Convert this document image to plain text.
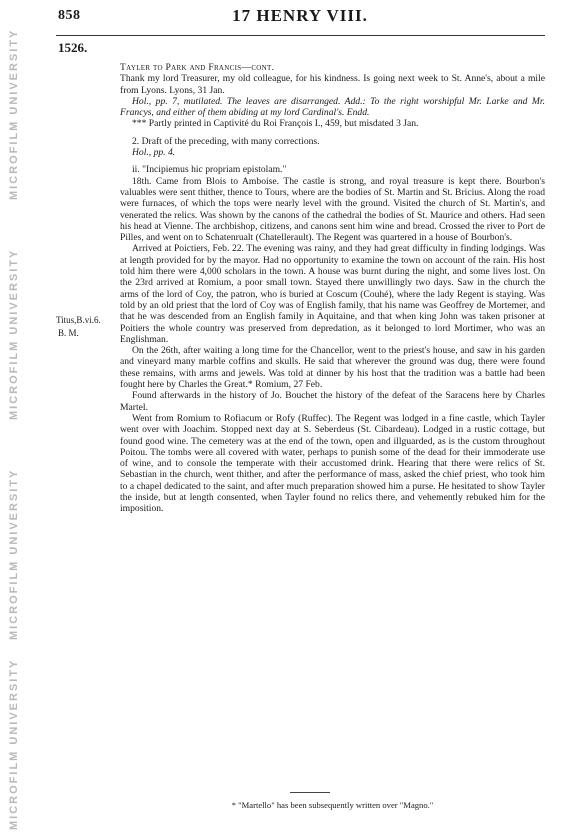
MICROFILM UNIVERSITY
MICROFILM UNIVERSITY
MICROFILM UNIVERSITY
MICROFILM UNIVERSITY
858	17 HENRY VIII.
1526.
Titus,B.vi.6.
B. M.

Tayler to Park and Francis—cont.

Thank my lord Treasurer, my old colleague, for his kindness. Is going next week to St. Anne's, about a mile from Lyons. Lyons, 31 Jan.

Hol., pp. 7, mutilated. The leaves are disarranged. Add.: To the right worshipful Mr. Larke and Mr. Francys, and either of them abiding at my lord Cardinal's. Endd.

*** Partly printed in Captivité du Roi François I., 459, but misdated 3 Jan.

2. Draft of the preceding, with many corrections.

Hol., pp. 4.

ii. "Incipiemus hic propriam epistolam."

18th. Came from Blois to Amboise. The castle is strong, and royal treasure is kept there. Bourbon's valuables were sent thither, thence to Tours, where are the bodies of St. Martin and St. Bricius. Along the road were furnaces, of which the tops were nearly level with the ground. Visited the church of St. Martin's, and venerated the relics. Was shown by the canons of the cathedral the bodies of St. Maurice and others. Had seen his head at Vienne. The archbishop, citizens, and canons sent him wine and bread. Crossed the river to Port de Pilles, and went on to Schatenrualt (Chatellerault). The Regent was quartered in a house of Bourbon's.

Arrived at Poictiers, Feb. 22. The evening was rainy, and they had great difficulty in finding lodgings. Was at length provided for by the mayor. Had no opportunity to examine the town on account of the rain. His host told him there were 4,000 scholars in the town. A house was burnt during the night, and some lives lost. On the 23rd arrived at Romium, a poor small town. Stayed there unwillingly two days. Saw in the church the arms of the lord of Coy, the patron, who is buried at Coscum (Couhé), where the lady Regent is staying. Was told by an old priest that the lord of Coy was of English family, that his name was Geoffrey de Mortemer, and that he was descended from an English family in Aquitaine, and that when king John was taken prisoner at Poitiers the whole country was preserved from depredation, as it belonged to lord Mortimer, who was an Englishman.

On the 26th, after waiting a long time for the Chancellor, went to the priest's house, and saw in his garden and vineyard many marble coffins and skulls. He said that wherever the ground was dug, there were found these remains, with arms and jewels. Was told at dinner by his host that the tradition was a battle had been fought here by Charles the Great.* Romium, 27 Feb.

Found afterwards in the history of Jo. Bouchet the history of the defeat of the Saracens here by Charles Martel.

Went from Romium to Rofiacum or Rofy (Ruffec). The Regent was lodged in a fine castle, which Tayler went over with Joachim. Stopped next day at S. Seberdeus (St. Cibardeau). Lodged in a rustic cottage, but found good wine. The cemetery was at the end of the town, open and illguarded, as is the custom throughout Poitou. The tombs were all covered with water, perhaps to punish some of the dead for their immoderate use of wine, and to console the temperate with their accustomed drink. Hearing that there were relics of St. Sebastian in the church, went thither, and after the performance of mass, asked the chief priest, who took him to a chapel dedicated to the saint, and after much preparation showed him a purse. He hesitated to show Tayler the inside, but at length consented, when Tayler found no relics there, and vehemently rebuked him for the imposition.

* "Martello" has been subsequently written over "Magno."
